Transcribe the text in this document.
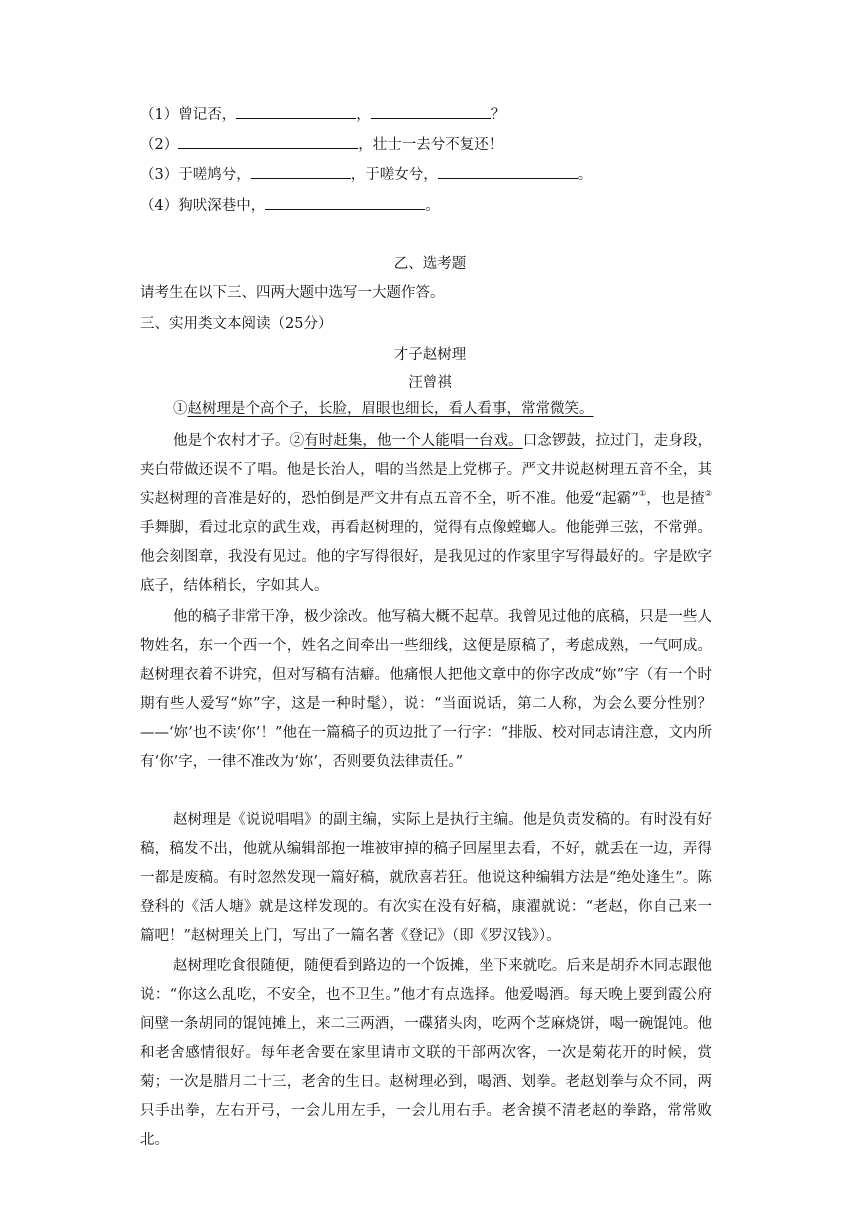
（1）曾记否，	，	？
（2）	，壮士一去兮不复还！
（3）于嗟鸠兮，	，于嗟女兮，	。
（4）狗吠深巷中，	。
乙、选考题
请考生在以下三、四两大题中选写一大题作答。
三、实用类文本阅读（25分）
才子赵树理
汪曾祺
①赵树理是个高个子，长脸，眉眼也细长，看人看事，常常微笑。
他是个农村才子。②有时赶集，他一个人能唱一台戏。口念锣鼓，拉过门，走身段，夹白带做还误不了唱。他是长治人，唱的当然是上党梆子。严文井说赵树理五音不全，其实赵树理的音准是好的，恐怕倒是严文井有点五音不全，听不准。他爱“起霸”①，也是揸②手舞脚，看过北京的武生戏，再看赵树理的，觉得有点像螳螂人。他能弹三弦，不常弹。他会刻图章，我没有见过。他的字写得很好，是我见过的作家里字写得最好的。字是欧字底子，结体稍长，字如其人。
他的稿子非常干净，极少涂改。他写稿大概不起草。我曾见过他的底稿，只是一些人物姓名，东一个西一个，姓名之间牵出一些细线，这便是原稿了，考虑成熟，一气呵成。赵树理衣着不讲究，但对写稿有洁癖。他痛恨人把他文章中的你字改成“妳”字（有一个时期有些人爱写“妳”字，这是一种时髦），说：“当面说话，第二人称，为会么要分性别？——‘妳’也不读‘你’！”他在一篇稿子的页边批了一行字：“排版、校对同志请注意，文内所有‘你’字，一律不准改为‘妳’，否则要负法律责任。”
赵树理是《说说唱唱》的副主编，实际上是执行主编。他是负责发稿的。有时没有好稿，稿发不出，他就从编辑部抱一堆被审掉的稿子回屋里去看，不好，就丢在一边，弄得一都是废稿。有时忽然发现一篇好稿，就欣喜若狂。他说这种编辑方法是“绝处逢生”。陈登科的《活人塘》就是这样发现的。有次实在没有好稿，康濯就说：“老赵，你自己来一篇吧！”赵树理关上门，写出了一篇名著《登记》（即《罗汉钱》）。
赵树理吃食很随便，随便看到路边的一个饭摊，坐下来就吃。后来是胡乔木同志跟他说：“你这么乱吃，不安全，也不卫生。”他才有点选择。他爱喝酒。每天晚上要到霞公府间壁一条胡同的馄饨摊上，来二三两酒，一碟猪头肉，吃两个芝麻烧饼，喝一碗馄饨。他和老舍感情很好。每年老舍要在家里请市文联的干部两次客，一次是菊花开的时候，赏菊；一次是腊月二十三，老舍的生日。赵树理必到，喝酒、划拳。老赵划拳与众不同，两只手出拳，左右开弓，一会儿用左手，一会儿用右手。老舍摸不清老赵的拳路，常常败北。
